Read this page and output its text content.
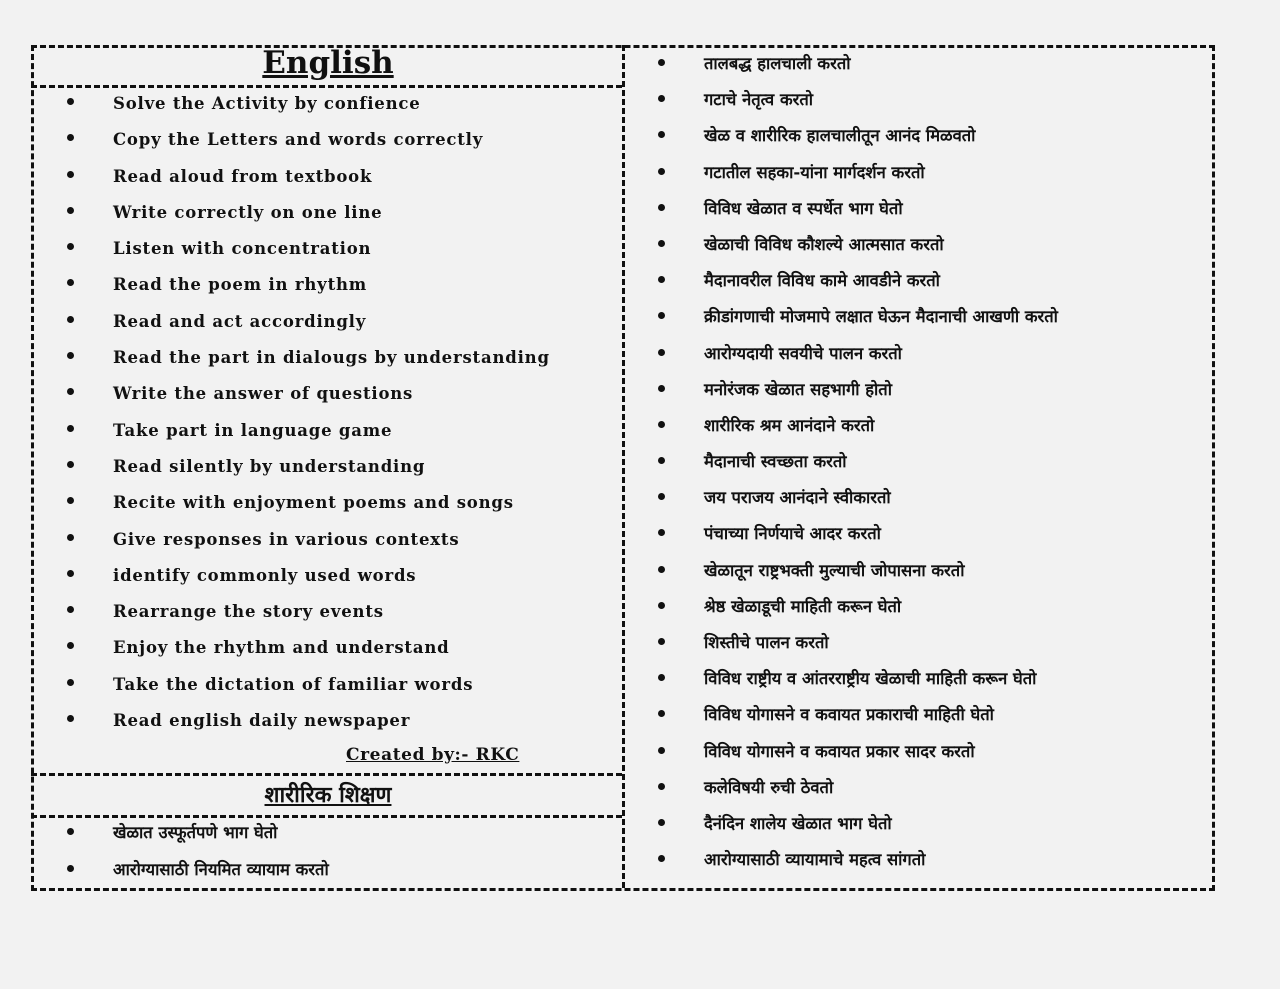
English
Solve the Activity by confience
Copy the Letters and words correctly
Read aloud from textbook
Write correctly on one line
Listen with concentration
Read the poem in rhythm
Read and act accordingly
Read the part in dialougs by understanding
Write the answer of questions
Take part in language game
Read silently by understanding
Recite with enjoyment poems and songs
Give responses in various contexts
identify commonly used words
Rearrange the story events
Enjoy the rhythm and understand
Take the dictation of familiar words
Read english daily newspaper
Created by:- RKC
शारीरिक शिक्षण
खेळात उस्फूर्तपणे भाग घेतो
आरोग्यासाठी नियमित व्यायाम करतो
तालबद्ध हालचाली करतो
गटाचे नेतृत्व करतो
खेळ व शारीरिक हालचालीतून आनंद मिळवतो
गटातील सहका-यांना मार्गदर्शन करतो
विविध खेळात व स्पर्धेत भाग घेतो
खेळाची विविध कौशल्ये आत्मसात करतो
मैदानावरील विविध कामे आवडीने करतो
क्रीडांगणाची मोजमापे लक्षात घेऊन मैदानाची आखणी करतो
आरोग्यदायी सवयीचे पालन करतो
मनोरंजक खेळात सहभागी होतो
शारीरिक श्रम आनंदाने करतो
मैदानाची स्वच्छता करतो
जय पराजय आनंदाने स्वीकारतो
पंचाच्या निर्णयाचे आदर करतो
खेळातून राष्ट्रभक्ती मुल्याची जोपासना करतो
श्रेष्ठ खेळाडूची माहिती करून घेतो
शिस्तीचे पालन करतो
विविध राष्ट्रीय व आंतरराष्ट्रीय खेळाची माहिती करून घेतो
विविध योगासने व कवायत प्रकाराची माहिती घेतो
विविध योगासने व कवायत प्रकार सादर करतो
कलेविषयी रुची ठेवतो
दैनंदिन शालेय खेळात भाग घेतो
आरोग्यासाठी व्यायामाचे महत्व सांगतो
